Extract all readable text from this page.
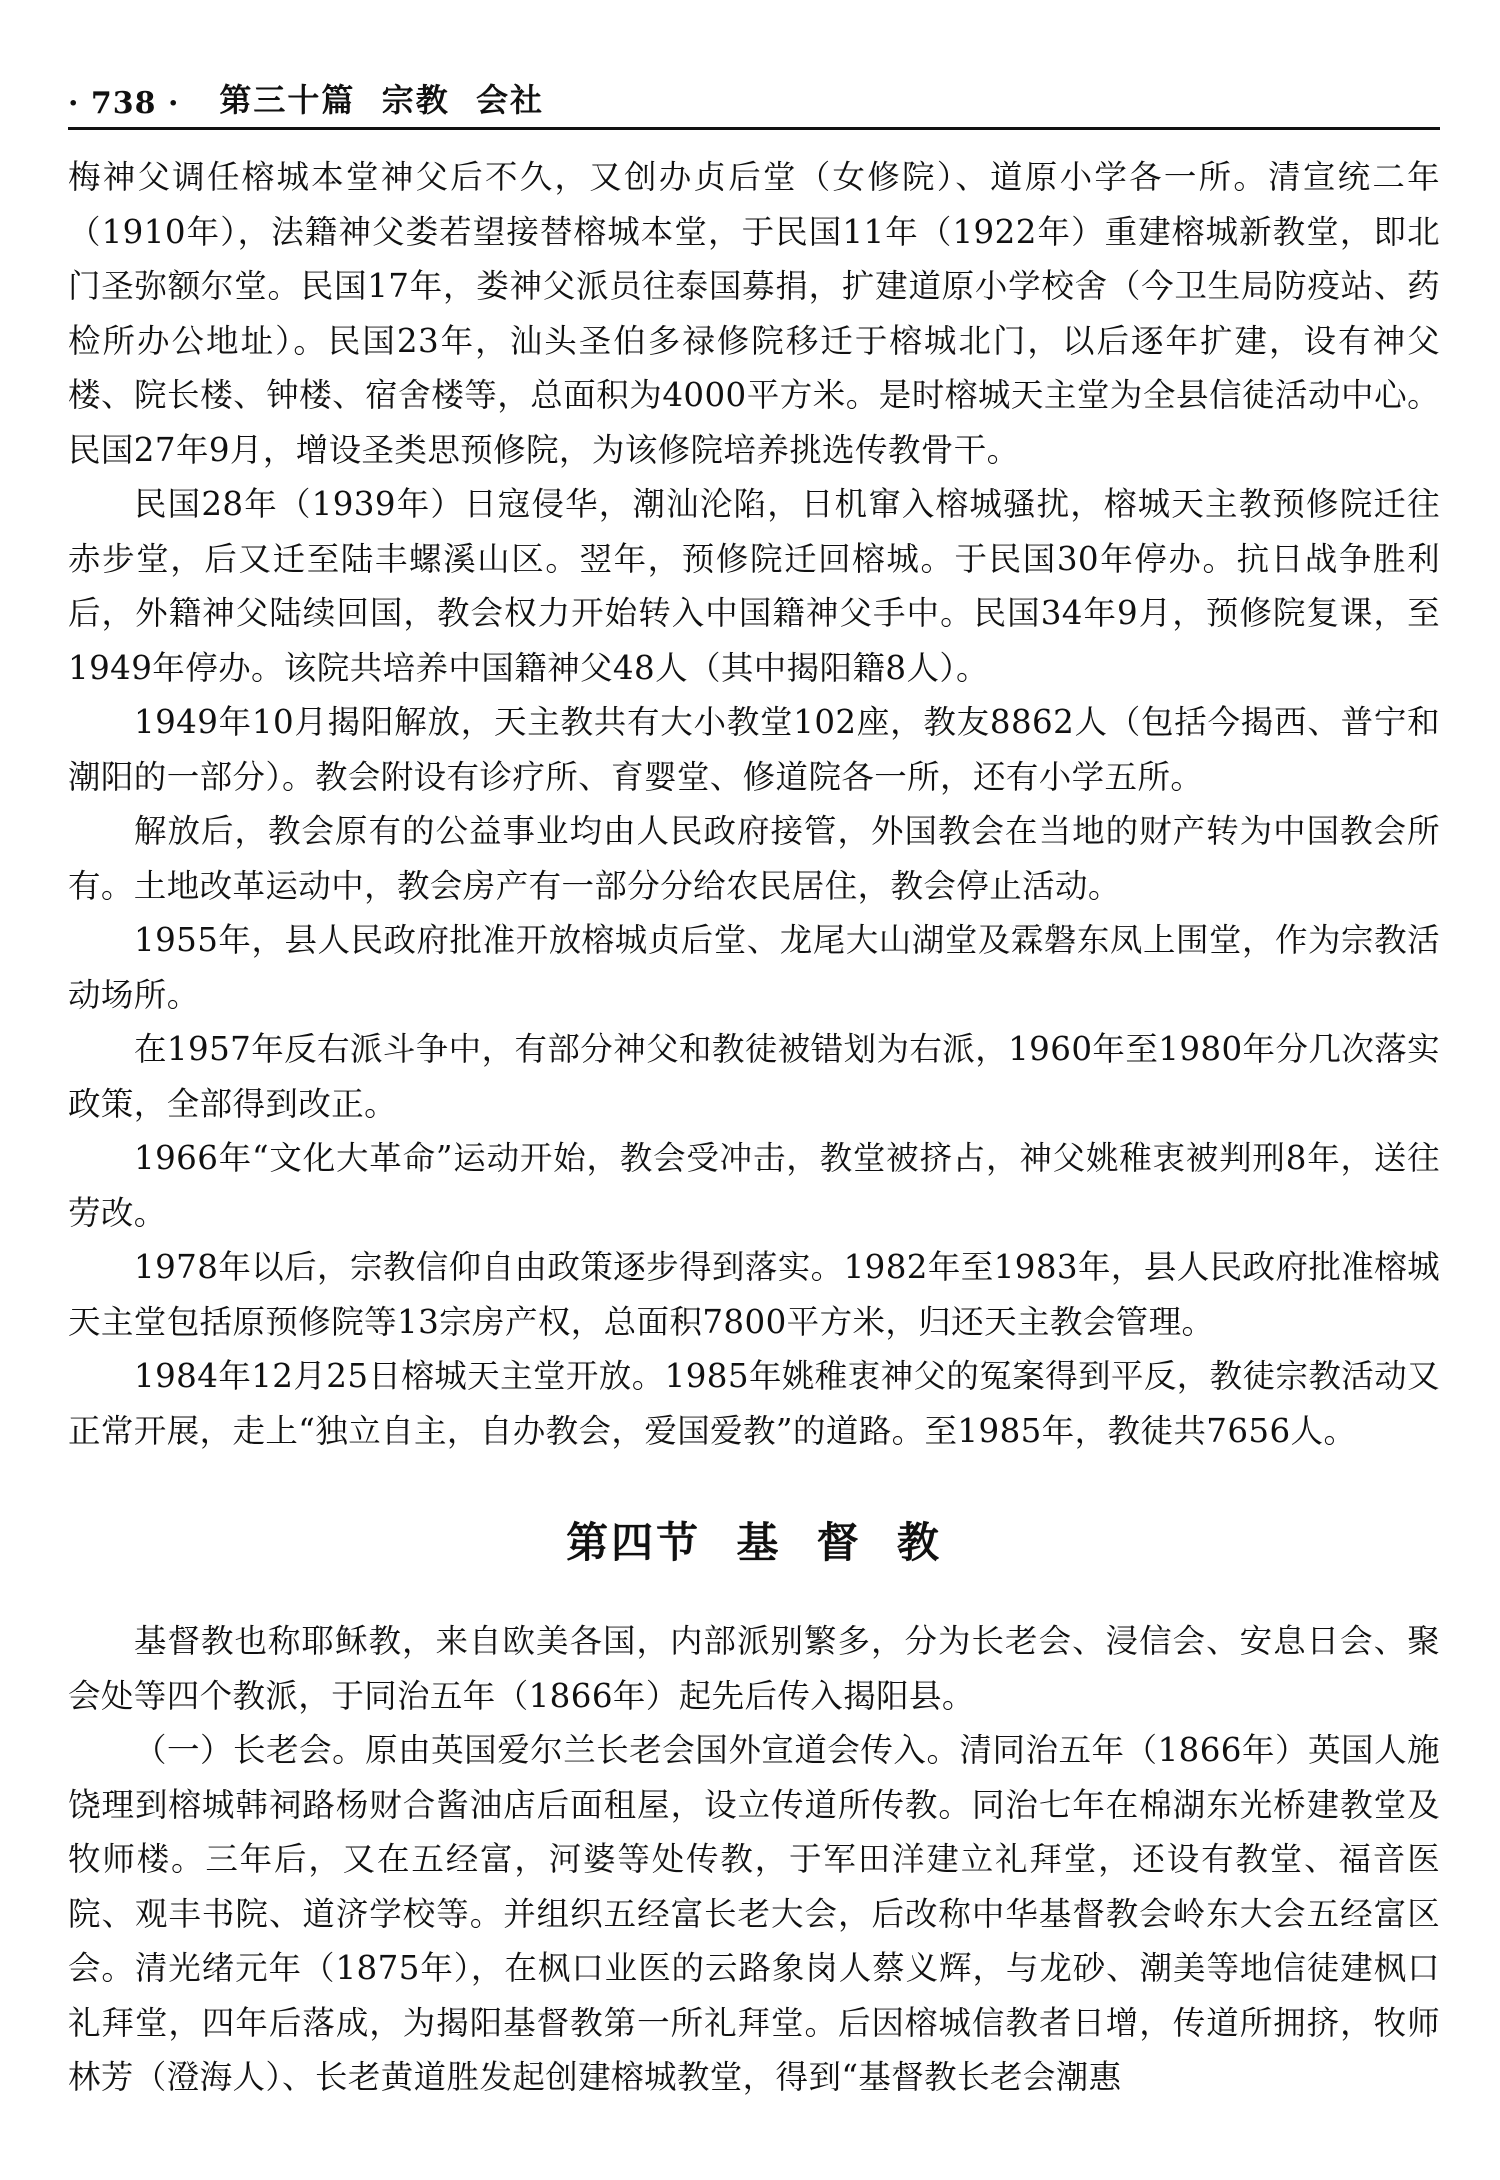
· 738 · 第三十篇  宗教  会社

梅神父调任榕城本堂神父后不久，又创办贞后堂（女修院）、道原小学各一所。清宣统二年（1910年），法籍神父娄若望接替榕城本堂，于民国11年（1922年）重建榕城新教堂，即北门圣弥额尔堂。民国17年，娄神父派员往泰国募捐，扩建道原小学校舍（今卫生局防疫站、药检所办公地址）。民国23年，汕头圣伯多禄修院移迁于榕城北门，以后逐年扩建，设有神父楼、院长楼、钟楼、宿舍楼等，总面积为4000平方米。是时榕城天主堂为全县信徒活动中心。民国27年9月，增设圣类思预修院，为该修院培养挑选传教骨干。

民国28年（1939年）日寇侵华，潮汕沦陷，日机窜入榕城骚扰，榕城天主教预修院迁往赤步堂，后又迁至陆丰螺溪山区。翌年，预修院迁回榕城。于民国30年停办。抗日战争胜利后，外籍神父陆续回国，教会权力开始转入中国籍神父手中。民国34年9月，预修院复课，至1949年停办。该院共培养中国籍神父48人（其中揭阳籍8人）。

1949年10月揭阳解放，天主教共有大小教堂102座，教友8862人（包括今揭西、普宁和潮阳的一部分）。教会附设有诊疗所、育婴堂、修道院各一所，还有小学五所。

解放后，教会原有的公益事业均由人民政府接管，外国教会在当地的财产转为中国教会所有。土地改革运动中，教会房产有一部分分给农民居住，教会停止活动。

1955年，县人民政府批准开放榕城贞后堂、龙尾大山湖堂及霖磐东凤上围堂，作为宗教活动场所。

在1957年反右派斗争中，有部分神父和教徒被错划为右派，1960年至1980年分几次落实政策，全部得到改正。

1966年“文化大革命”运动开始，教会受冲击，教堂被挤占，神父姚稚衷被判刑8年，送往劳改。

1978年以后，宗教信仰自由政策逐步得到落实。1982年至1983年，县人民政府批准榕城天主堂包括原预修院等13宗房产权，总面积7800平方米，归还天主教会管理。

1984年12月25日榕城天主堂开放。1985年姚稚衷神父的冤案得到平反，教徒宗教活动又正常开展，走上“独立自主，自办教会，爱国爱教”的道路。至1985年，教徒共7656人。

第四节  基  督  教

基督教也称耶稣教，来自欧美各国，内部派别繁多，分为长老会、浸信会、安息日会、聚会处等四个教派，于同治五年（1866年）起先后传入揭阳县。

（一）长老会。原由英国爱尔兰长老会国外宣道会传入。清同治五年（1866年）英国人施饶理到榕城韩祠路杨财合酱油店后面租屋，设立传道所传教。同治七年在棉湖东光桥建教堂及牧师楼。三年后，又在五经富，河婆等处传教，于军田洋建立礼拜堂，还设有教堂、福音医院、观丰书院、道济学校等。并组织五经富长老大会，后改称中华基督教会岭东大会五经富区会。清光绪元年（1875年），在枫口业医的云路象岗人蔡义辉，与龙砂、潮美等地信徒建枫口礼拜堂，四年后落成，为揭阳基督教第一所礼拜堂。后因榕城信教者日增，传道所拥挤，牧师林芳（澄海人）、长老黄道胜发起创建榕城教堂，得到“基督教长老会潮惠
